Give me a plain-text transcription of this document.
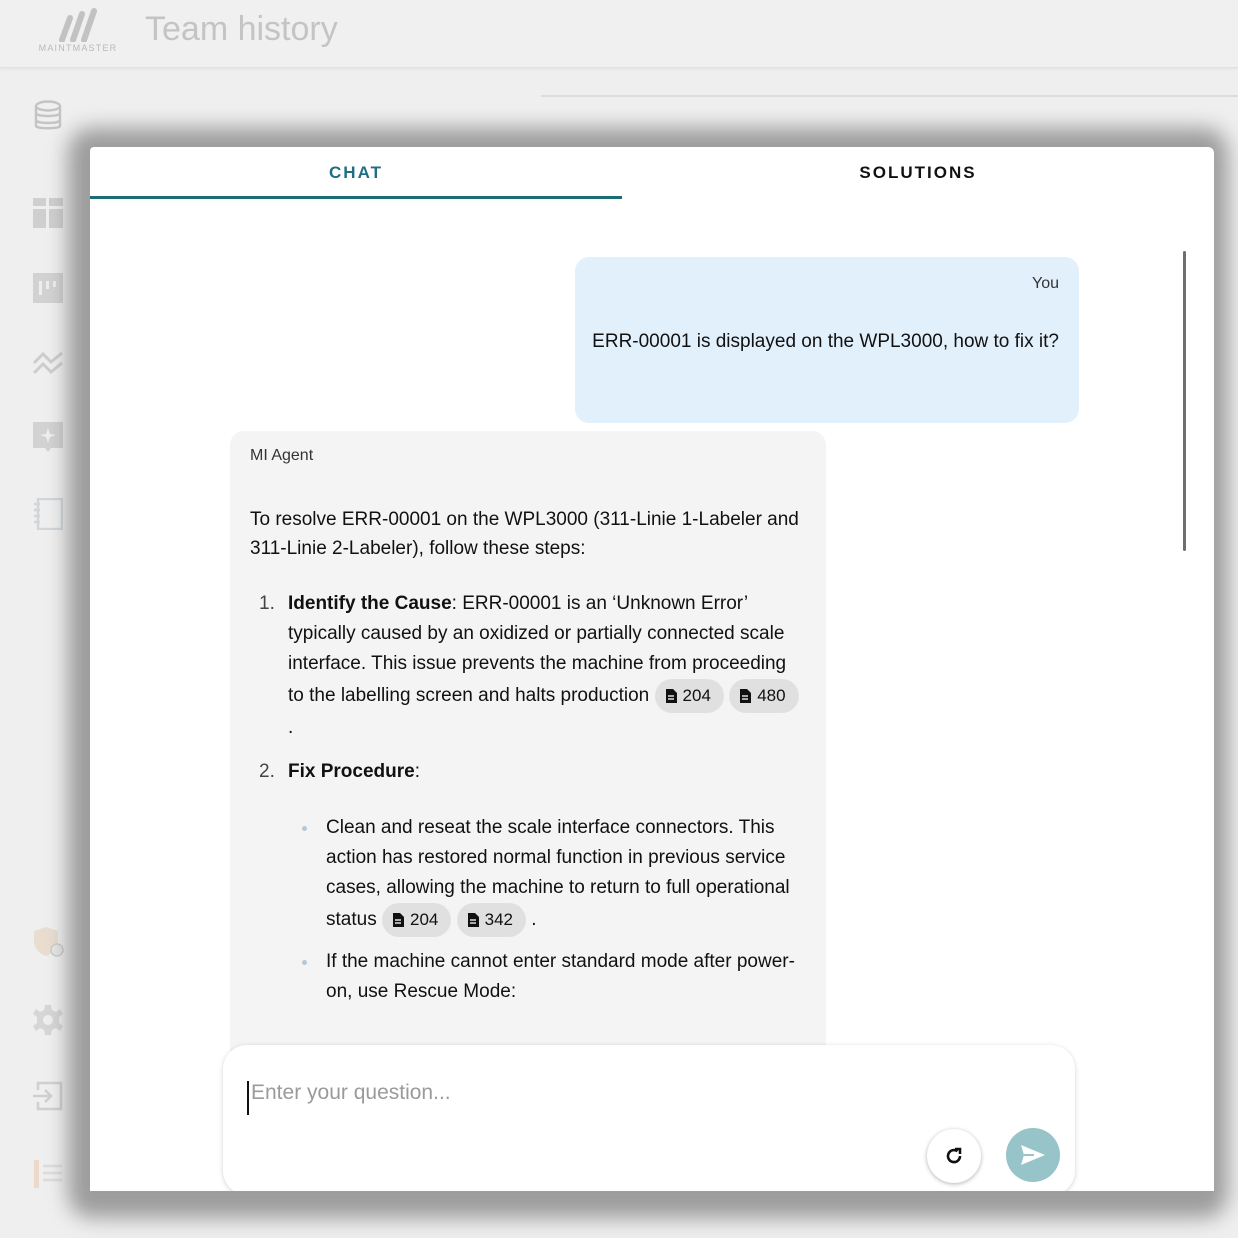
MAINTMASTER Team history
CHAT	SOLUTIONS
You
ERR-00001 is displayed on the WPL3000, how to fix it?
MI Agent
To resolve ERR-00001 on the WPL3000 (311-Linie 1-Labeler and 311-Linie 2-Labeler), follow these steps:
1. Identify the Cause: ERR-00001 is an ‘Unknown Error’ typically caused by an oxidized or partially connected scale interface. This issue prevents the machine from proceeding to the labelling screen and halts production 204
	480
.
2. Fix Procedure:
Clean and reseat the scale interface connectors. This action has restored normal function in previous service cases, allowing the machine to return to full operational status 204
	342 .
If the machine cannot enter standard mode after power-on, use Rescue Mode:
Enter your question...
